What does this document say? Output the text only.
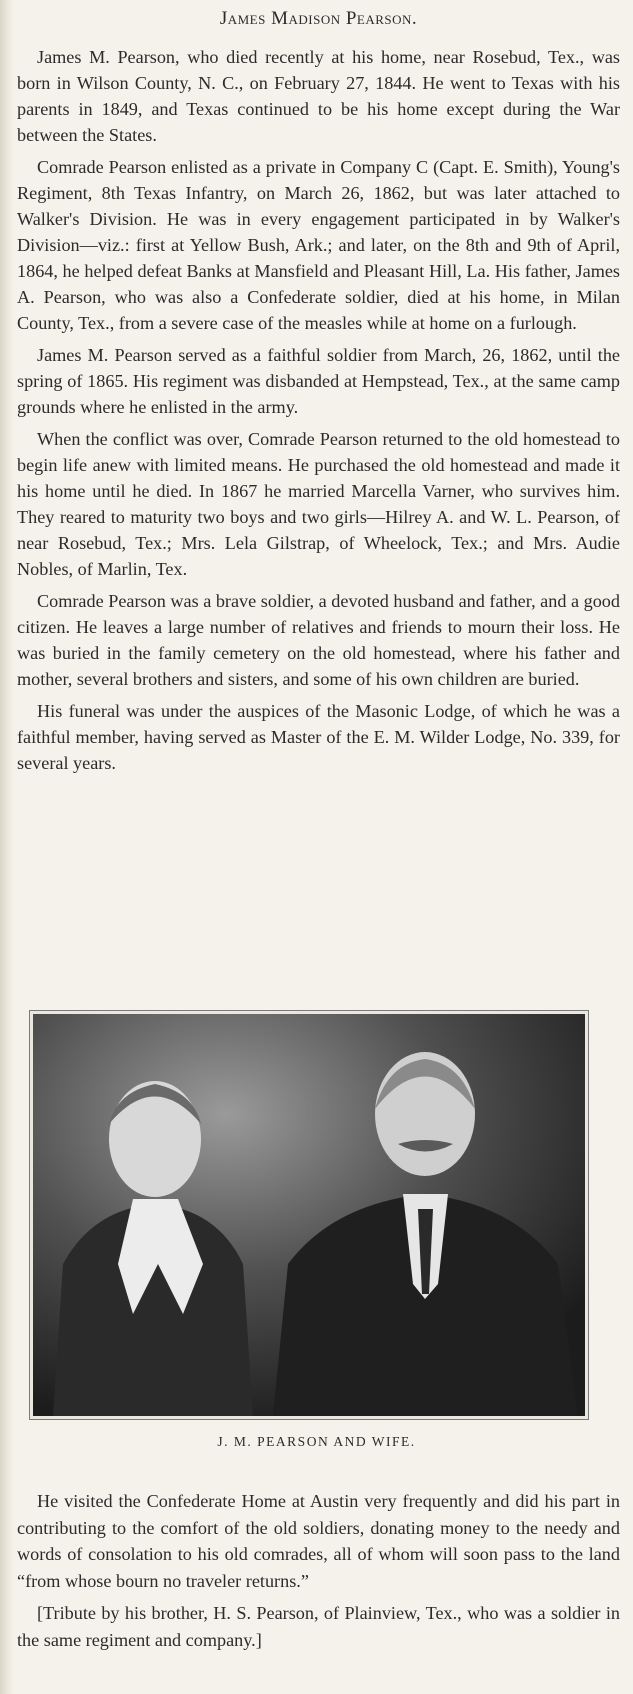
James Madison Pearson.

James M. Pearson, who died recently at his home, near Rosebud, Tex., was born in Wilson County, N. C., on February 27, 1844. He went to Texas with his parents in 1849, and Texas continued to be his home except during the War between the States.

Comrade Pearson enlisted as a private in Company C (Capt. E. Smith), Young's Regiment, 8th Texas Infantry, on March 26, 1862, but was later attached to Walker's Division. He was in every engagement participated in by Walker's Division—viz.: first at Yellow Bush, Ark.; and later, on the 8th and 9th of April, 1864, he helped defeat Banks at Mansfield and Pleasant Hill, La. His father, James A. Pearson, who was also a Confederate soldier, died at his home, in Milan County, Tex., from a severe case of the measles while at home on a furlough.

James M. Pearson served as a faithful soldier from March, 26, 1862, until the spring of 1865. His regiment was disbanded at Hempstead, Tex., at the same camp grounds where he enlisted in the army.

When the conflict was over, Comrade Pearson returned to the old homestead to begin life anew with limited means. He purchased the old homestead and made it his home until he died. In 1867 he married Marcella Varner, who survives him. They reared to maturity two boys and two girls—Hilrey A. and W. L. Pearson, of near Rosebud, Tex.; Mrs. Lela Gilstrap, of Wheelock, Tex.; and Mrs. Audie Nobles, of Marlin, Tex.

Comrade Pearson was a brave soldier, a devoted husband and father, and a good citizen. He leaves a large number of relatives and friends to mourn their loss. He was buried in the family cemetery on the old homestead, where his father and mother, several brothers and sisters, and some of his own children are buried.

His funeral was under the auspices of the Masonic Lodge, of which he was a faithful member, having served as Master of the E. M. Wilder Lodge, No. 339, for several years.

J. M. PEARSON AND WIFE.

He visited the Confederate Home at Austin very frequently and did his part in contributing to the comfort of the old soldiers, donating money to the needy and words of consolation to his old comrades, all of whom will soon pass to the land “from whose bourn no traveler returns.”

[Tribute by his brother, H. S. Pearson, of Plainview, Tex., who was a soldier in the same regiment and company.]
